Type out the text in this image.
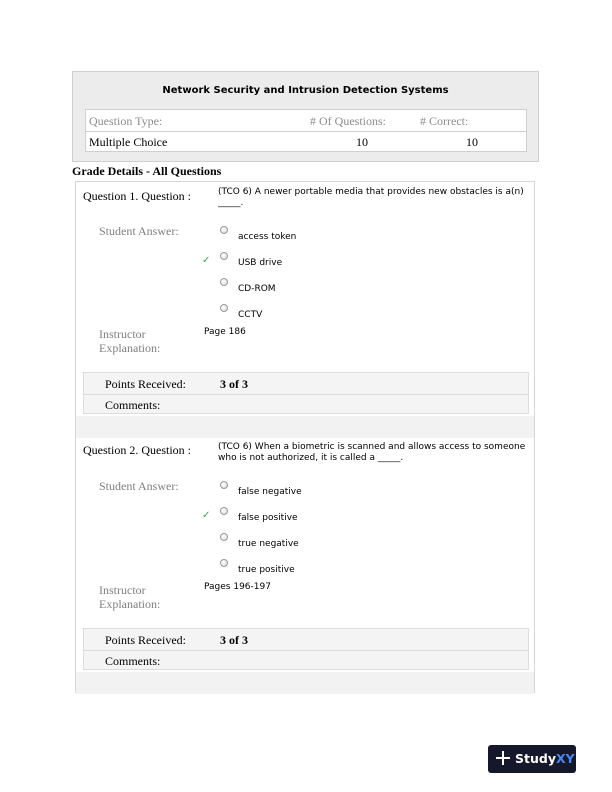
Network Security and Intrusion Detection Systems
Question Type:	# Of Questions:	# Correct:
Multiple Choice	10	10
Grade Details - All Questions
Question 1. Question :	(TCO 6) A newer portable media that provides new obstacles is a(n) _____.
Student Answer:	access token
✓	USB drive
CD-ROM
CCTV
Instructor
Explanation:
Page 186
Points Received:	3 of 3
Comments:
Question 2. Question :	(TCO 6) When a biometric is scanned and allows access to someone who is not authorized, it is called a _____.
Student Answer:	false negative
✓	false positive
true negative
true positive
Instructor
Explanation:
Pages 196-197
Points Received:	3 of 3
Comments:
StudyXY
